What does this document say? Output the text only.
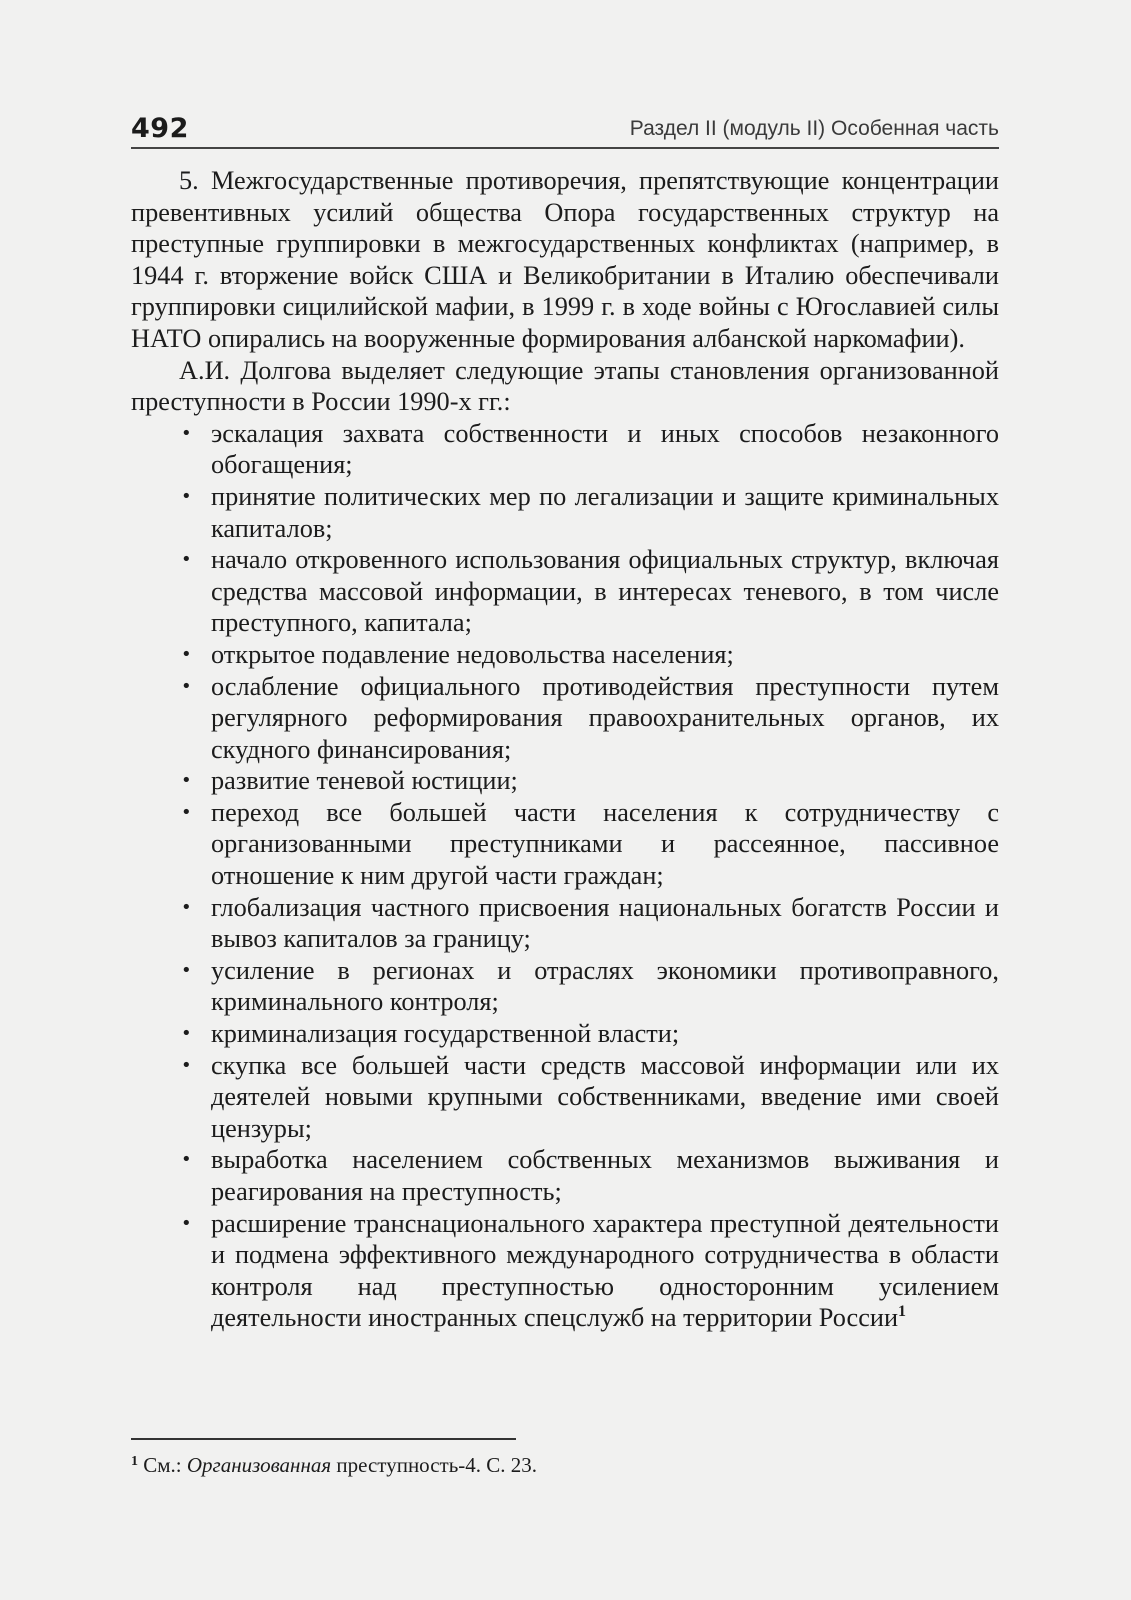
492	Раздел II (модуль II) Особенная часть

5. Межгосударственные противоречия, препятствующие концентрации превентивных усилий общества Опора государственных структур на преступные группировки в межгосударственных конфликтах (например, в 1944 г. вторжение войск США и Великобритании в Италию обеспечивали группировки сицилийской мафии, в 1999 г. в ходе войны с Югославией силы НАТО опирались на вооруженные формирования албанской наркомафии).

А.И. Долгова выделяет следующие этапы становления организованной преступности в России 1990-х гг.:

• эскалация захвата собственности и иных способов незаконного обогащения;
• принятие политических мер по легализации и защите криминальных капиталов;
• начало откровенного использования официальных структур, включая средства массовой информации, в интересах теневого, в том числе преступного, капитала;
• открытое подавление недовольства населения;
• ослабление официального противодействия преступности путем регулярного реформирования правоохранительных органов, их скудного финансирования;
• развитие теневой юстиции;
• переход все большей части населения к сотрудничеству с организованными преступниками и рассеянное, пассивное отношение к ним другой части граждан;
• глобализация частного присвоения национальных богатств России и вывоз капиталов за границу;
• усиление в регионах и отраслях экономики противоправного, криминального контроля;
• криминализация государственной власти;
• скупка все большей части средств массовой информации или их деятелей новыми крупными собственниками, введение ими своей цензуры;
• выработка населением собственных механизмов выживания и реагирования на преступность;
• расширение транснационального характера преступной деятельности и подмена эффективного международного сотрудничества в области контроля над преступностью односторонним усилением деятельности иностранных спецслужб на территории России$^1$
$^1$ См.: Организованная преступность-4. С. 23.
